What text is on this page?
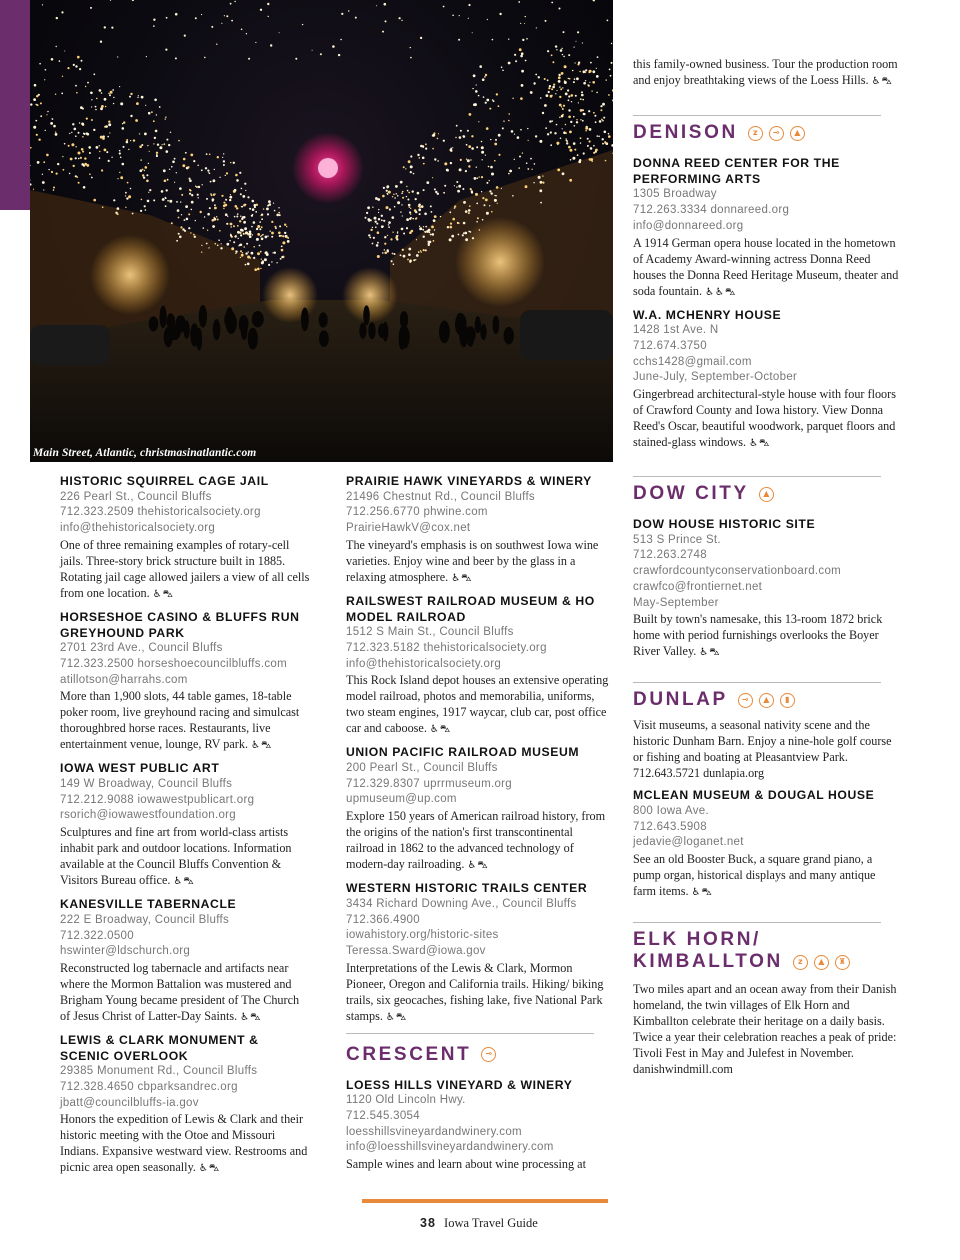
Main Street, Atlantic, christmasinatlantic.com
HISTORIC SQUIRREL CAGE JAIL
226 Pearl St., Council Bluffs
712.323.2509 thehistoricalsociety.org
info@thehistoricalsociety.org
One of three remaining examples of rotary-cell jails. Three-story brick structure built in 1885. Rotating jail cage allowed jailers a view of all cells from one location. ♿⛍
HORSESHOE CASINO & BLUFFS RUN GREYHOUND PARK
2701 23rd Ave., Council Bluffs
712.323.2500 horseshoecouncilbluffs.com
atillotson@harrahs.com
More than 1,900 slots, 44 table games, 18-table poker room, live greyhound racing and simulcast thoroughbred horse races. Restaurants, live entertainment venue, lounge, RV park. ♿⛍
IOWA WEST PUBLIC ART
149 W Broadway, Council Bluffs
712.212.9088 iowawestpublicart.org
rsorich@iowawestfoundation.org
Sculptures and fine art from world-class artists inhabit park and outdoor locations. Information available at the Council Bluffs Convention & Visitors Bureau office. ♿⛍
KANESVILLE TABERNACLE
222 E Broadway, Council Bluffs
712.322.0500
hswinter@ldschurch.org
Reconstructed log tabernacle and artifacts near where the Mormon Battalion was mustered and Brigham Young became president of The Church of Jesus Christ of Latter-Day Saints. ♿⛍
LEWIS & CLARK MONUMENT & SCENIC OVERLOOK
29385 Monument Rd., Council Bluffs
712.328.4650 cbparksandrec.org
jbatt@councilbluffs-ia.gov
Honors the expedition of Lewis & Clark and their historic meeting with the Otoe and Missouri Indians. Expansive westward view. Restrooms and picnic area open seasonally. ♿⛍
PRAIRIE HAWK VINEYARDS & WINERY
21496 Chestnut Rd., Council Bluffs
712.256.6770 phwine.com
PrairieHawkV@cox.net
The vineyard's emphasis is on southwest Iowa wine varieties. Enjoy wine and beer by the glass in a relaxing atmosphere. ♿⛍
RAILSWEST RAILROAD MUSEUM & HO MODEL RAILROAD
1512 S Main St., Council Bluffs
712.323.5182 thehistoricalsociety.org
info@thehistoricalsociety.org
This Rock Island depot houses an extensive operating model railroad, photos and memorabilia, uniforms, two steam engines, 1917 waycar, club car, post office car and caboose. ♿⛍
UNION PACIFIC RAILROAD MUSEUM
200 Pearl St., Council Bluffs
712.329.8307 uprrmuseum.org
upmuseum@up.com
Explore 150 years of American railroad history, from the origins of the nation's first transcontinental railroad in 1862 to the advanced technology of modern-day railroading. ♿⛍
WESTERN HISTORIC TRAILS CENTER
3434 Richard Downing Ave., Council Bluffs
712.366.4900
iowahistory.org/historic-sites
Teressa.Sward@iowa.gov
Interpretations of the Lewis & Clark, Mormon Pioneer, Oregon and California trails. Hiking/ biking trails, six geocaches, fishing lake, five National Park stamps. ♿⛍
CRESCENT	⊸
LOESS HILLS VINEYARD & WINERY
1120 Old Lincoln Hwy.
712.545.3054
loesshillsvineyardandwinery.com
info@loesshillsvineyardandwinery.com
Sample wines and learn about wine processing at
this family-owned business. Tour the production room and enjoy breathtaking views of the Loess Hills. ♿⛍
DENISON	z	⊸	▲
DONNA REED CENTER FOR THE PERFORMING ARTS
1305 Broadway
712.263.3334 donnareed.org
info@donnareed.org
A 1914 German opera house located in the hometown of Academy Award-winning actress Donna Reed houses the Donna Reed Heritage Museum, theater and soda fountain. ♿♿⛍
W.A. MCHENRY HOUSE
1428 1st Ave. N
712.674.3750
cchs1428@gmail.com
June-July, September-October
Gingerbread architectural-style house with four floors of Crawford County and Iowa history. View Donna Reed's Oscar, beautiful woodwork, parquet floors and stained-glass windows. ♿⛍
DOW CITY	▲
DOW HOUSE HISTORIC SITE
513 S Prince St.
712.263.2748
crawfordcountyconservationboard.com
crawfco@frontiernet.net
May-September
Built by town's namesake, this 13-room 1872 brick home with period furnishings overlooks the Boyer River Valley. ♿⛍
DUNLAP	⊸	▲	▮
Visit museums, a seasonal nativity scene and the historic Dunham Barn. Enjoy a nine-hole golf course or fishing and boating at Pleasantview Park. 712.643.5721 dunlapia.org
MCLEAN MUSEUM & DOUGAL HOUSE
800 Iowa Ave.
712.643.5908
jedavie@loganet.net
See an old Booster Buck, a square grand piano, a pump organ, historical displays and many antique farm items. ♿⛍
ELK HORN/
KIMBALLTON	z	▲	♜
Two miles apart and an ocean away from their Danish homeland, the twin villages of Elk Horn and Kimballton celebrate their heritage on a daily basis. Twice a year their celebration reaches a peak of pride: Tivoli Fest in May and Julefest in November. danishwindmill.com
38 Iowa Travel Guide
